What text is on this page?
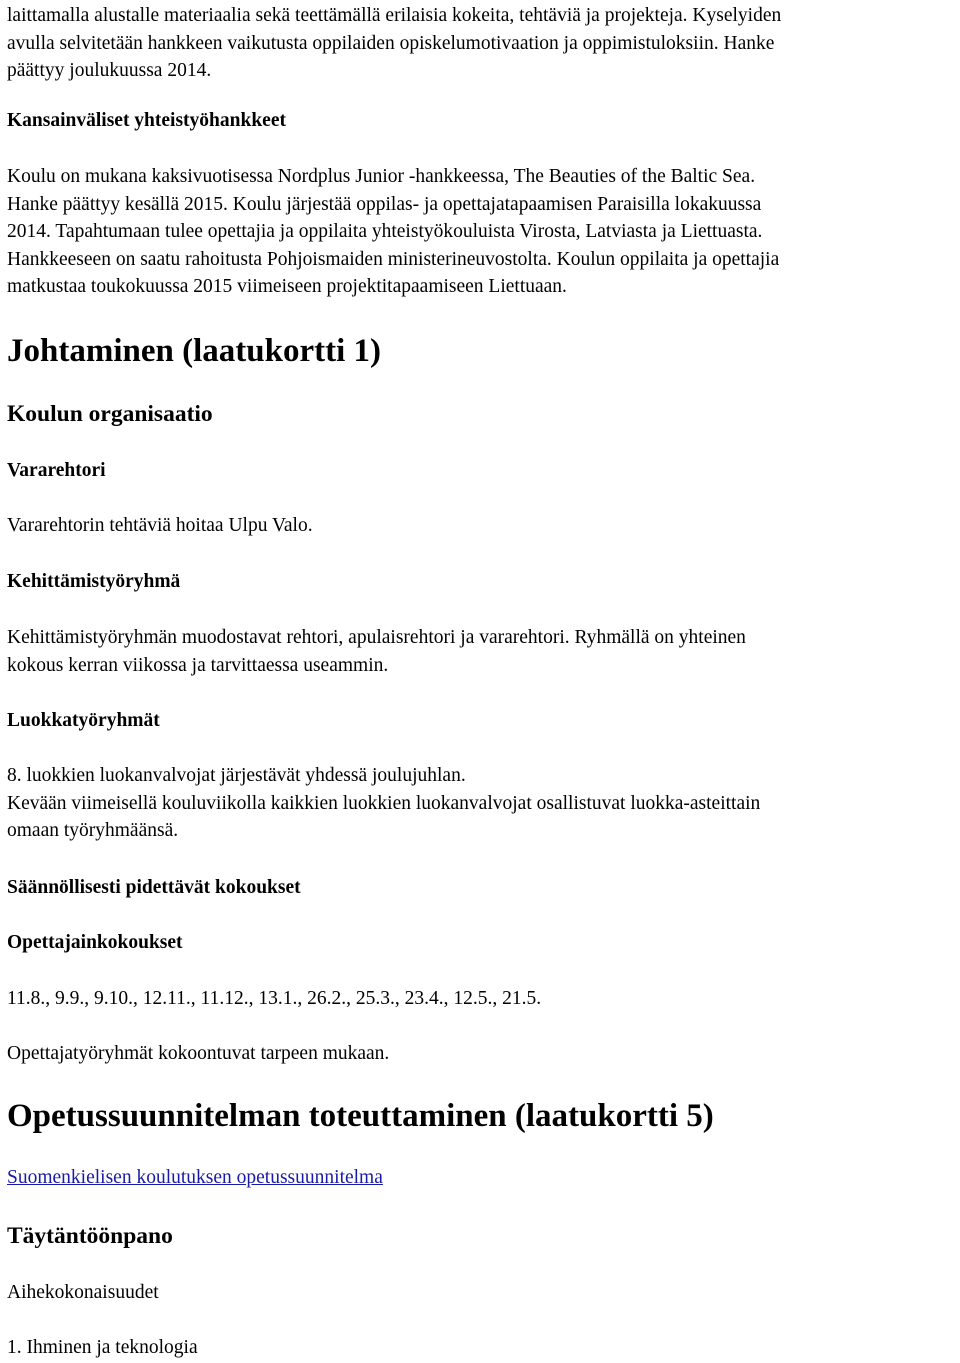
laittamalla alustalle materiaalia sekä teettämällä erilaisia kokeita, tehtäviä ja projekteja. Kyselyiden

avulla selvitetään hankkeen vaikutusta oppilaiden opiskelumotivaation ja oppimistuloksiin. Hanke

päättyy joulukuussa 2014.

Kansainväliset yhteistyöhankkeet

Koulu on mukana kaksivuotisessa Nordplus Junior -hankkeessa, The Beauties of the Baltic Sea.

Hanke päättyy kesällä 2015. Koulu järjestää oppilas- ja opettajatapaamisen Paraisilla lokakuussa

2014. Tapahtumaan tulee opettajia ja oppilaita yhteistyökouluista Virosta, Latviasta ja Liettuasta.

Hankkeeseen on saatu rahoitusta Pohjoismaiden ministerineuvostolta. Koulun oppilaita ja opettajia

matkustaa toukokuussa 2015 viimeiseen projektitapaamiseen Liettuaan.

Johtaminen (laatukortti 1)

Koulun organisaatio

Vararehtori

Vararehtorin tehtäviä hoitaa Ulpu Valo.

Kehittämistyöryhmä

Kehittämistyöryhmän muodostavat rehtori, apulaisrehtori ja vararehtori. Ryhmällä on yhteinen

kokous kerran viikossa ja tarvittaessa useammin.

Luokkatyöryhmät

8. luokkien luokanvalvojat järjestävät yhdessä joulujuhlan.

Kevään viimeisellä kouluviikolla kaikkien luokkien luokanvalvojat osallistuvat luokka-asteittain

omaan työryhmäänsä.

Säännöllisesti pidettävät kokoukset

Opettajainkokoukset

11.8., 9.9., 9.10., 12.11., 11.12., 13.1., 26.2., 25.3., 23.4., 12.5., 21.5.

Opettajatyöryhmät kokoontuvat tarpeen mukaan.

Opetussuunnitelman toteuttaminen (laatukortti 5)

Suomenkielisen koulutuksen opetussuunnitelma

Täytäntöönpano

Aihekokonaisuudet

1. Ihminen ja teknologia
